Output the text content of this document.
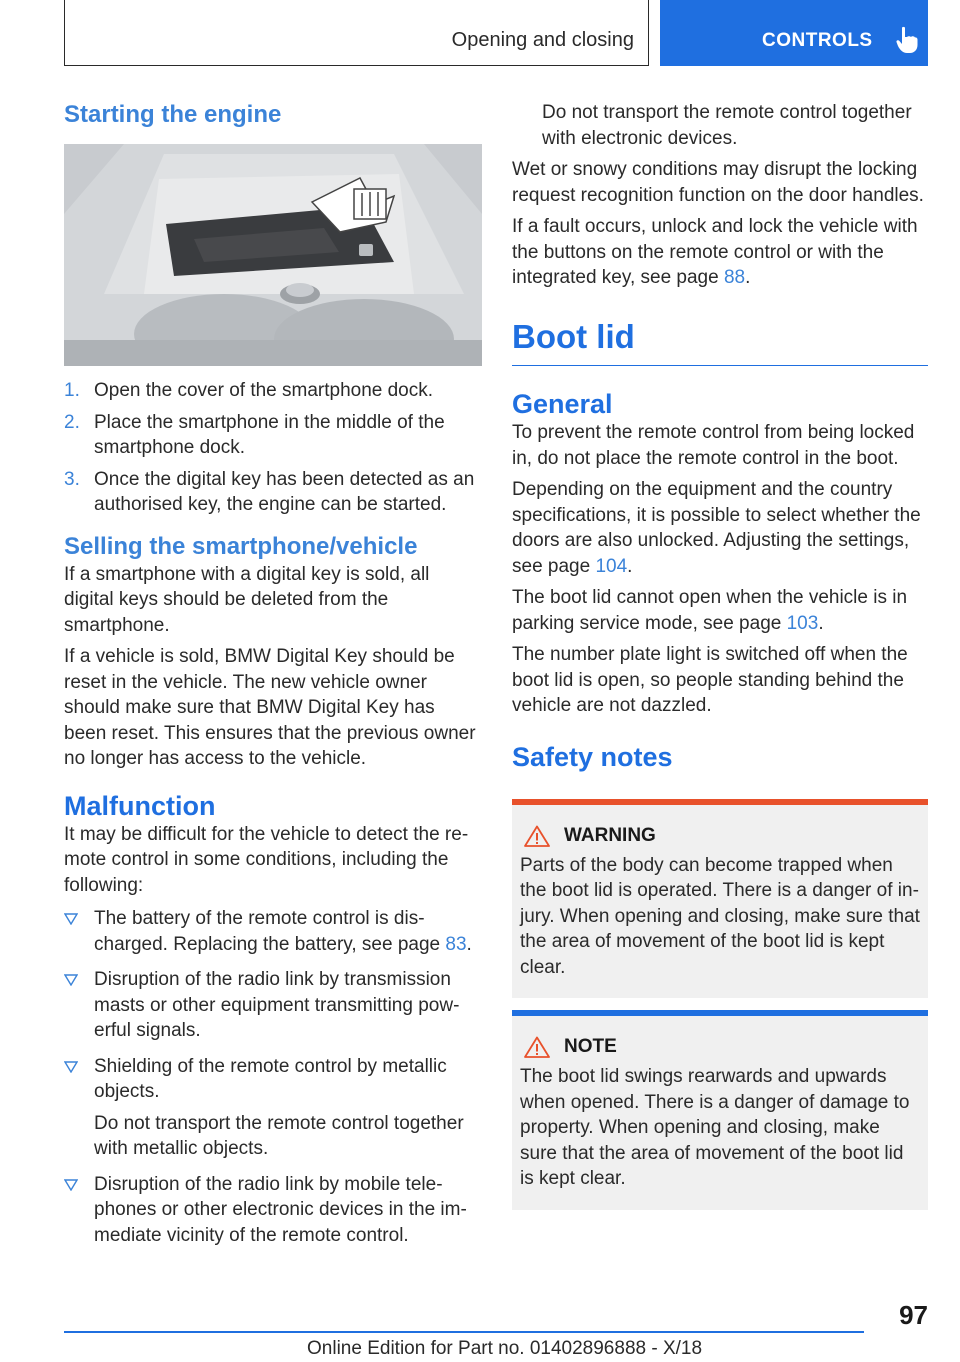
Opening and closing	CONTROLS
Starting the engine
1. Open the cover of the smartphone dock.
2. Place the smartphone in the middle of the smartphone dock.
3. Once the digital key has been detected as an authorised key, the engine can be started.
Selling the smartphone/vehicle
If a smartphone with a digital key is sold, all digital keys should be deleted from the smartphone.
If a vehicle is sold, BMW Digital Key should be reset in the vehicle. The new vehicle owner should make sure that BMW Digital Key has been reset. This ensures that the previous owner no longer has access to the vehicle.
Malfunction
It may be difficult for the vehicle to detect the remote control in some conditions, including the following:
The battery of the remote control is discharged. Replacing the battery, see page 83.
Disruption of the radio link by transmission masts or other equipment transmitting powerful signals.
Shielding of the remote control by metallic objects.
Do not transport the remote control together with metallic objects.
Disruption of the radio link by mobile telephones or other electronic devices in the immediate vicinity of the remote control.
Do not transport the remote control together with electronic devices.
Wet or snowy conditions may disrupt the locking request recognition function on the door handles.
If a fault occurs, unlock and lock the vehicle with the buttons on the remote control or with the integrated key, see page 88.
Boot lid
General
To prevent the remote control from being locked in, do not place the remote control in the boot.
Depending on the equipment and the country specifications, it is possible to select whether the doors are also unlocked. Adjusting the settings, see page 104.
The boot lid cannot open when the vehicle is in parking service mode, see page 103.
The number plate light is switched off when the boot lid is open, so people standing behind the vehicle are not dazzled.
Safety notes
WARNING
Parts of the body can become trapped when the boot lid is operated. There is a danger of injury. When opening and closing, make sure that the area of movement of the boot lid is kept clear.
NOTE
The boot lid swings rearwards and upwards when opened. There is a danger of damage to property. When opening and closing, make sure that the area of movement of the boot lid is kept clear.
97
Online Edition for Part no. 01402896888 - X/18
